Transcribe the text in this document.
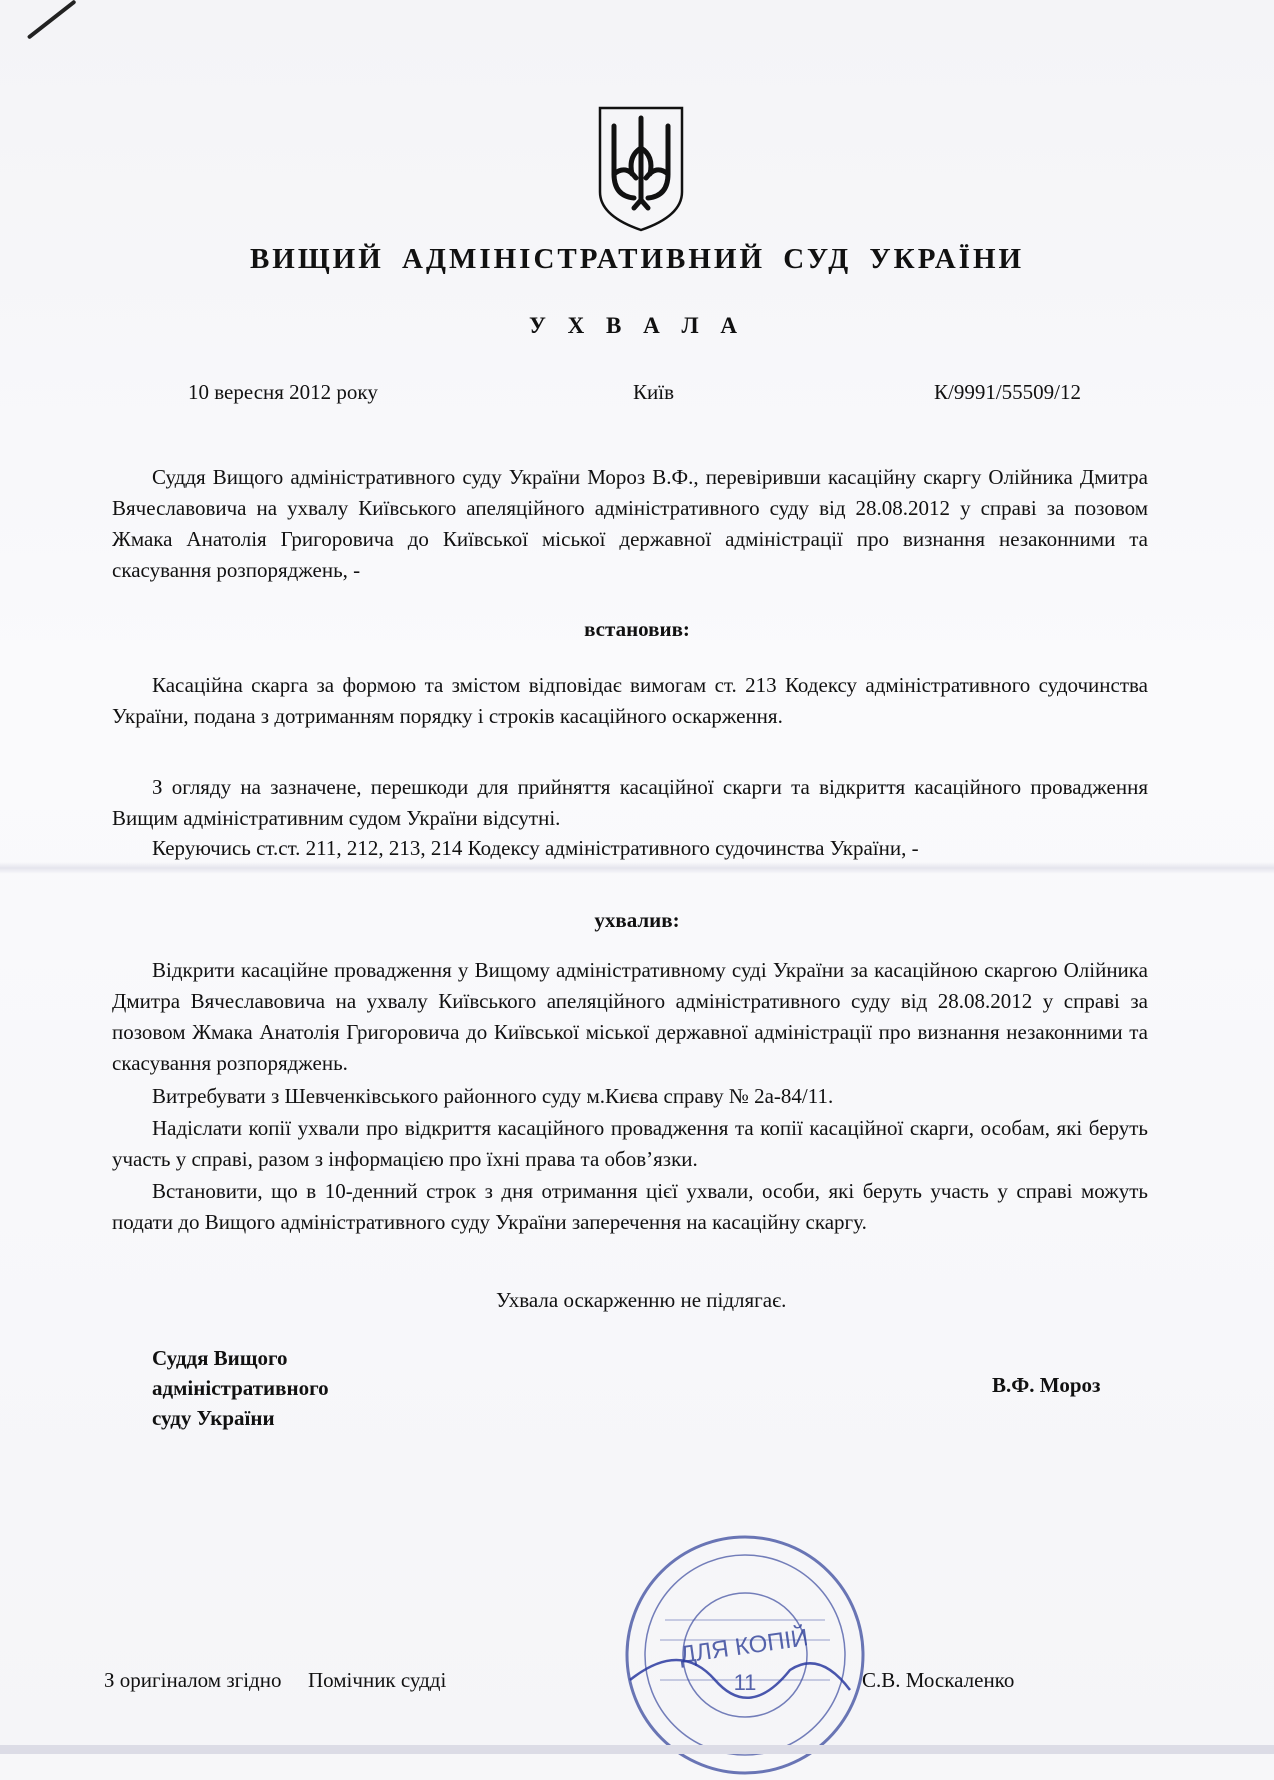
ВИЩИЙ АДМІНІСТРАТИВНИЙ СУД УКРАЇНИ
У Х В А Л А
10 вересня 2012 року	Київ	К/9991/55509/12

Суддя Вищого адміністративного суду України Мороз В.Ф., перевіривши касаційну скаргу Олійника Дмитра Вячеславовича на ухвалу Київського апеляційного адміністративного суду від 28.08.2012 у справі за позовом Жмака Анатолія Григоровича до Київської міської державної адміністрації про визнання незаконними та скасування розпоряджень, -

встановив:

Касаційна скарга за формою та змістом відповідає вимогам ст. 213 Кодексу адміністративного судочинства України, подана з дотриманням порядку і строків касаційного оскарження.

З огляду на зазначене, перешкоди для прийняття касаційної скарги та відкриття касаційного провадження Вищим адміністративним судом України відсутні.

Керуючись ст.ст. 211, 212, 213, 214 Кодексу адміністративного судочинства України, -

ухвалив:

Відкрити касаційне провадження у Вищому адміністративному суді України за касаційною скаргою Олійника Дмитра Вячеславовича на ухвалу Київського апеляційного адміністративного суду від 28.08.2012 у справі за позовом Жмака Анатолія Григоровича до Київської міської державної адміністрації про визнання незаконними та скасування розпоряджень.

Витребувати з Шевченківського районного суду м.Києва справу № 2а-84/11.

Надіслати копії ухвали про відкриття касаційного провадження та копії касаційної скарги, особам, які беруть участь у справі, разом з інформацією про їхні права та обов’язки.

Встановити, що в 10-денний строк з дня отримання цієї ухвали, особи, які беруть участь у справі можуть подати до Вищого адміністративного суду України заперечення на касаційну скаргу.

Ухвала оскарженню не підлягає.
Суддя Вищого
адміністративного
суду України
В.Ф. Мороз
З оригіналом згідно Помічник судді	С.В. Москаленко
ДЛЯ КОПІЙ
11
